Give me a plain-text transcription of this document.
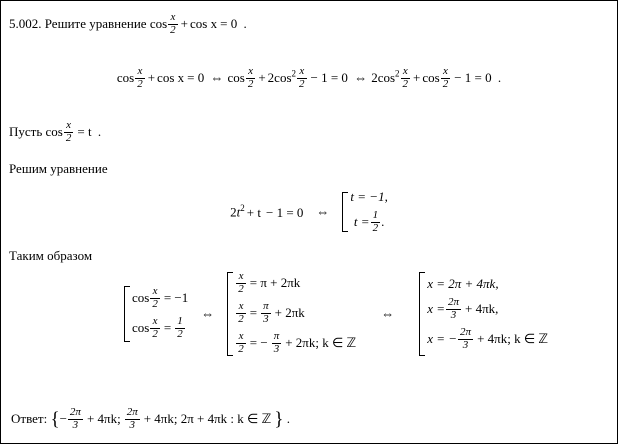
5.002. Решите уравнение $\cos \frac{x}{2} + \cos x = 0$ .
$\cos \frac{x}{2} + \cos x = 0$ ⇔ $\cos \frac{x}{2} + 2\cos^2 \frac{x}{2} - 1 = 0$ ⇔ $2\cos^2 \frac{x}{2} + \cos \frac{x}{2} - 1 = 0$ .
Пусть $\cos \frac{x}{2} = t$ .
Решим уравнение
$2t^2 + t - 1 = 0$	⇔
t = −1,
$t = \frac{1}{2}$ .
Таким образом
$\cos \frac{x}{2} = -1$
$\cos \frac{x}{2} = \frac{1}{2}$
⇔
$\frac{x}{2} = \pi + 2\pi k$
$\frac{x}{2} = \frac{\pi}{3} + 2\pi k$
$\frac{x}{2}$ = − $\frac{\pi}{3} + 2\pi k$; k ∈ ℤ
⇔
x = 2π + 4πk,
$x = \frac{2\pi}{3} + 4\pi k$,
x = − $\frac{2\pi}{3} + 4\pi k$; k ∈ ℤ
Ответ: {− $\frac{2\pi}{3} + 4\pi k$; $\frac{2\pi}{3} + 4\pi k$; 2π + 4πk : k ∈ ℤ } .
